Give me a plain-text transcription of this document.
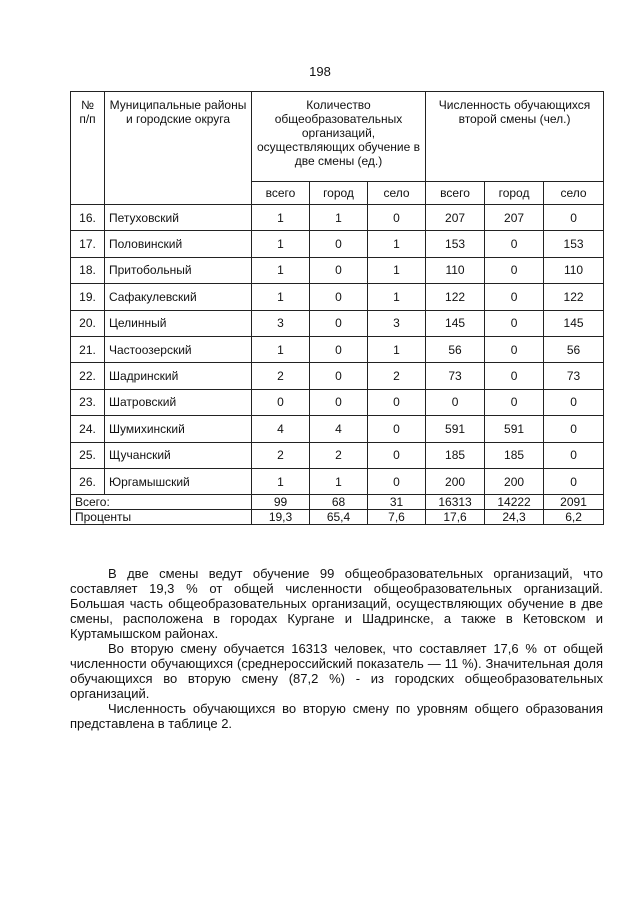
198
№
п/п	Муниципальные районы и городские округа	Количество общеобразовательных организаций, осуществляющих обучение в две смены (ед.)			Численность обучающихся второй смены (чел.)		
		всего	город	село	всего	город	село
16.	Петуховский	1	1	0	207	207	0
17.	Половинский	1	0	1	153	0	153
18.	Притобольный	1	0	1	110	0	110
19.	Сафакулевский	1	0	1	122	0	122
20.	Целинный	3	0	3	145	0	145
21.	Частоозерский	1	0	1	56	0	56
22.	Шадринский	2	0	2	73	0	73
23.	Шатровский	0	0	0	0	0	0
24.	Шумихинский	4	4	0	591	591	0
25.	Щучанский	2	2	0	185	185	0
26.	Юргамышский	1	1	0	200	200	0
Всего:		99	68	31	16313	14222	2091
Проценты		19,3	65,4	7,6	17,6	24,3	6,2

В две смены ведут обучение 99 общеобразовательных организаций, что составляет 19,3 % от общей численности общеобразовательных организаций. Большая часть общеобразовательных организаций, осуществляющих обучение в две смены, расположена в городах Кургане и Шадринске, а также в Кетовском и Куртамышском районах.

Во вторую смену обучается 16313 человек, что составляет 17,6 % от общей численности обучающихся (среднероссийский показатель — 11 %). Значительная доля обучающихся во вторую смену (87,2 %) - из городских общеобразовательных организаций.

Численность обучающихся во вторую смену по уровням общего образования представлена в таблице 2.
